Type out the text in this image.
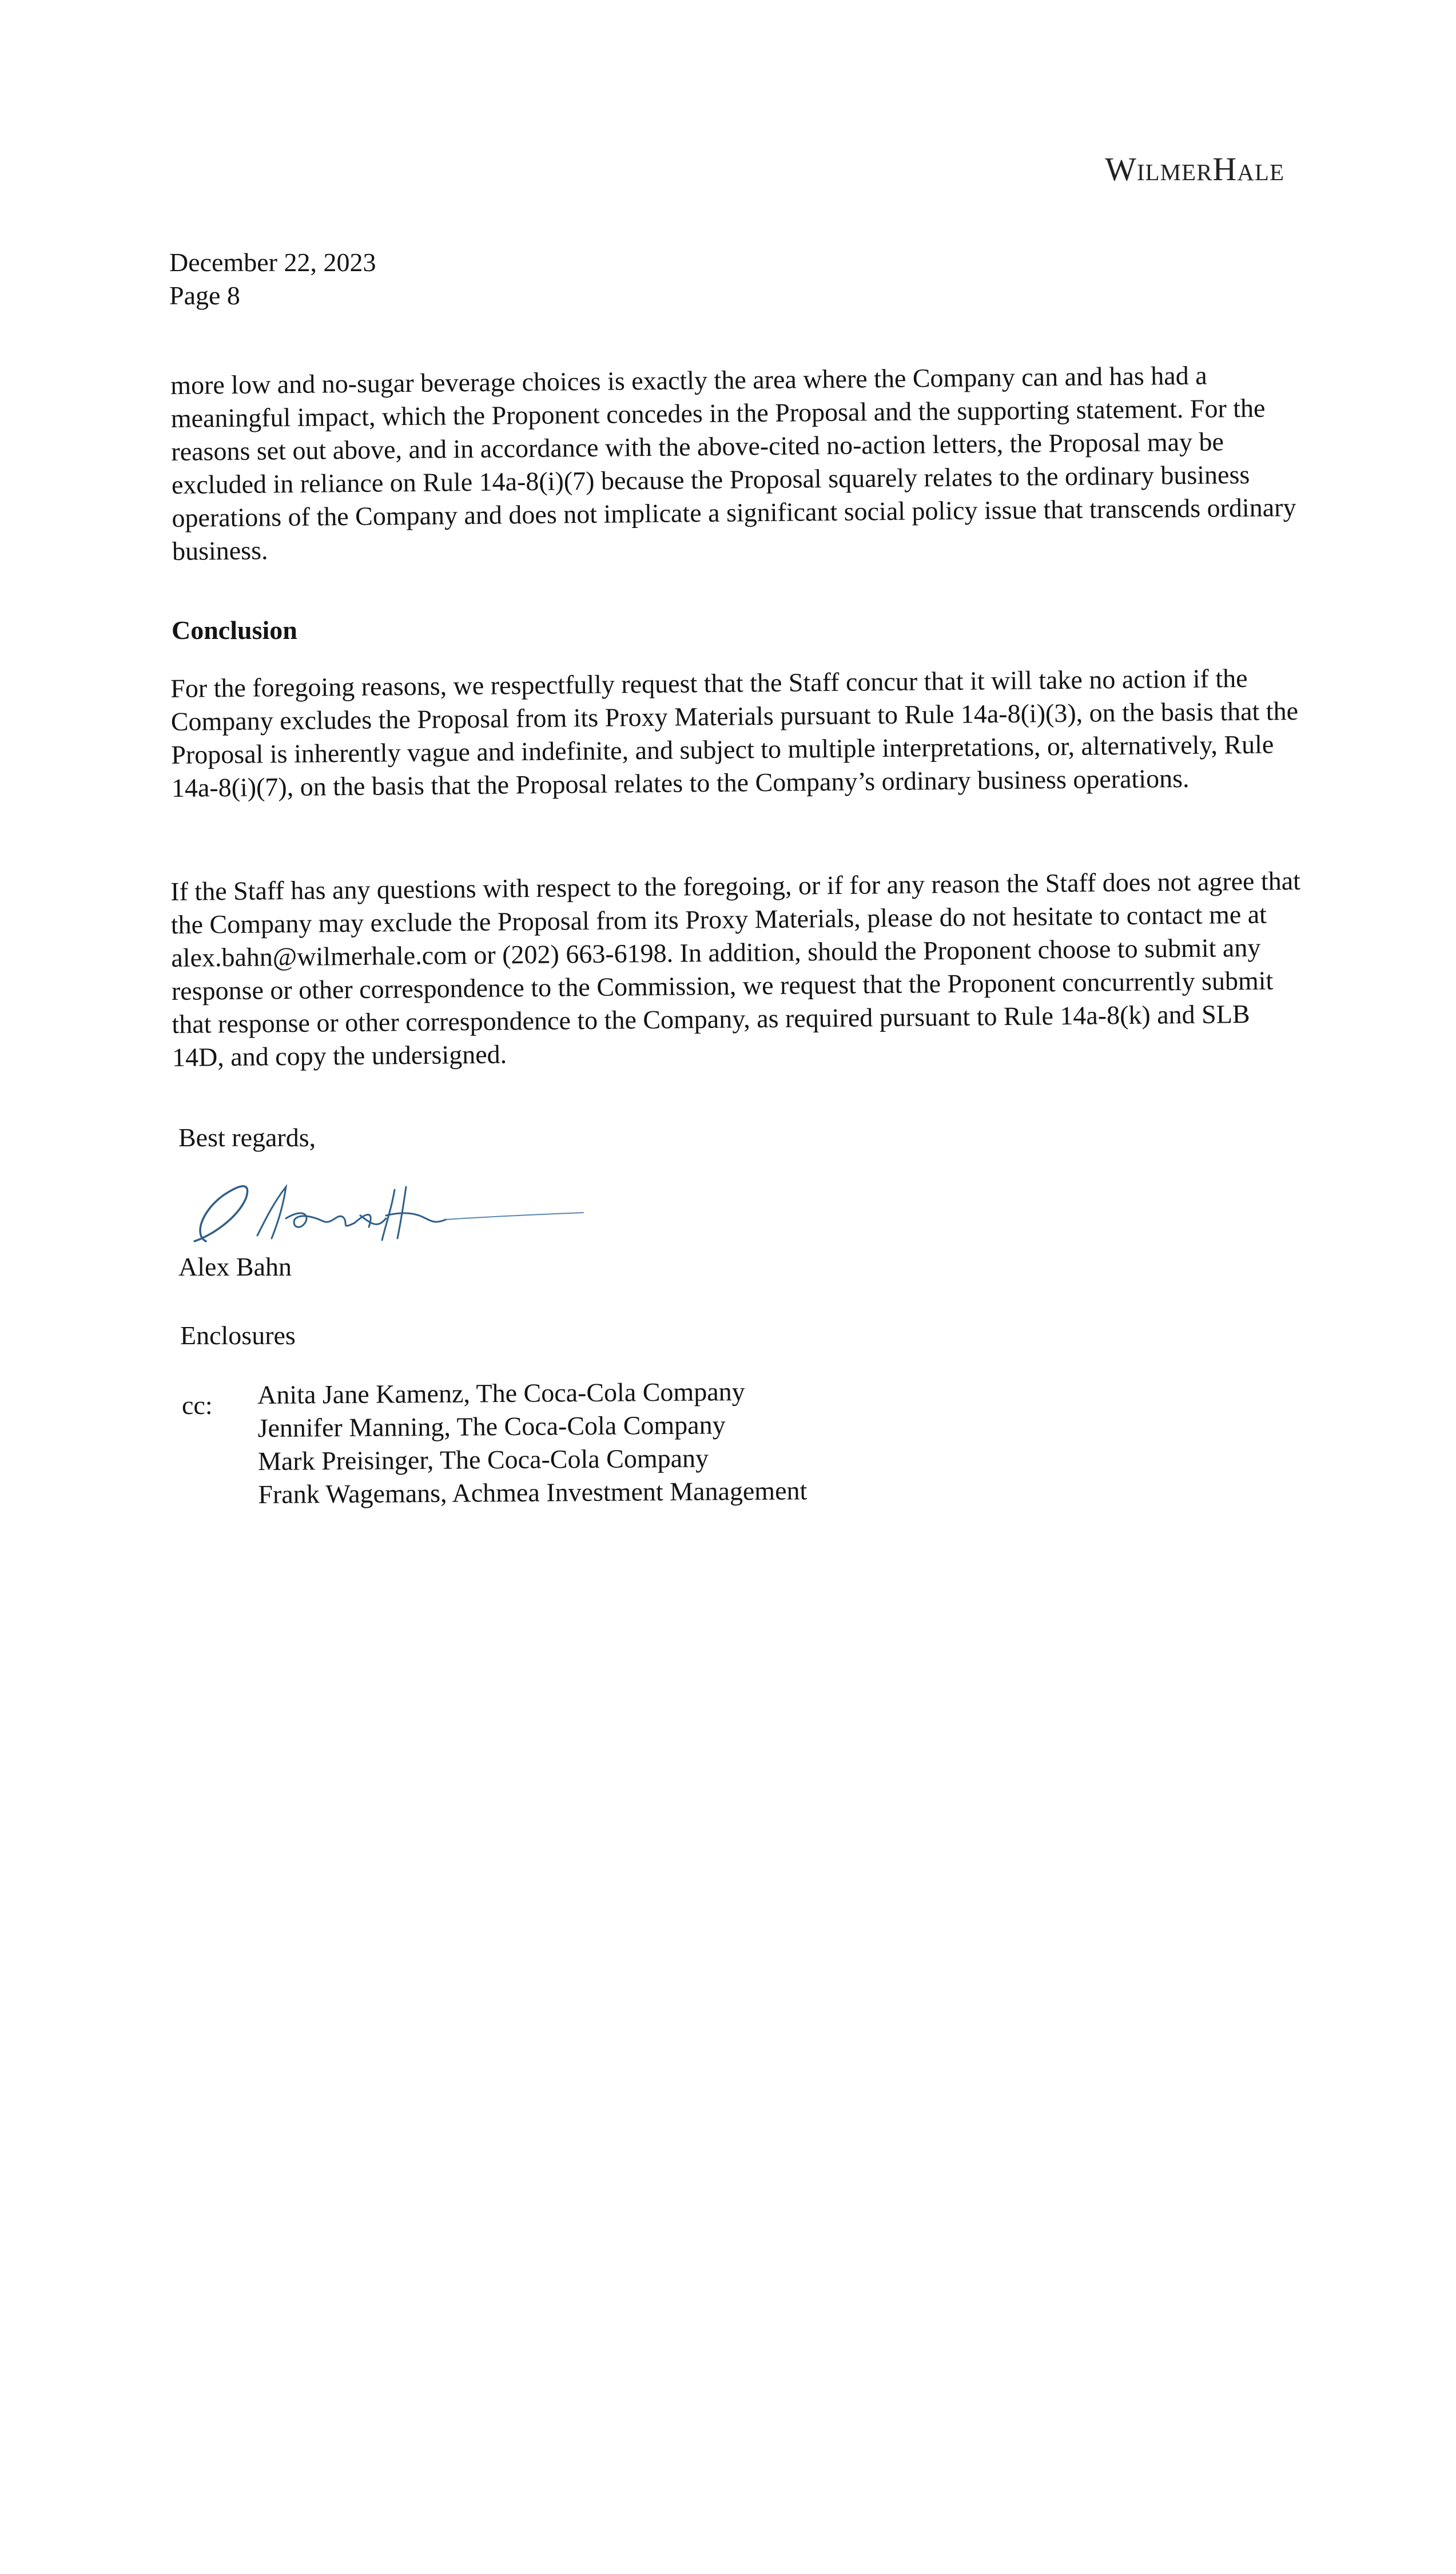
WilmerHale
December 22, 2023
Page 8
more low and no-sugar beverage choices is exactly the area where the Company can and has had a meaningful impact, which the Proponent concedes in the Proposal and the supporting statement. For the reasons set out above, and in accordance with the above-cited no-action letters, the Proposal may be excluded in reliance on Rule 14a-8(i)(7) because the Proposal squarely relates to the ordinary business operations of the Company and does not implicate a significant social policy issue that transcends ordinary business.
Conclusion
For the foregoing reasons, we respectfully request that the Staff concur that it will take no action if the Company excludes the Proposal from its Proxy Materials pursuant to Rule 14a-8(i)(3), on the basis that the Proposal is inherently vague and indefinite, and subject to multiple interpretations, or, alternatively, Rule 14a-8(i)(7), on the basis that the Proposal relates to the Company’s ordinary business operations.
If the Staff has any questions with respect to the foregoing, or if for any reason the Staff does not agree that the Company may exclude the Proposal from its Proxy Materials, please do not hesitate to contact me at alex.bahn@wilmerhale.com or (202) 663-6198. In addition, should the Proponent choose to submit any response or other correspondence to the Commission, we request that the Proponent concurrently submit that response or other correspondence to the Company, as required pursuant to Rule 14a-8(k) and SLB 14D, and copy the undersigned.
Best regards,
Alex Bahn
Enclosures
cc: Anita Jane Kamenz, The Coca-Cola Company
Jennifer Manning, The Coca-Cola Company
Mark Preisinger, The Coca-Cola Company
Frank Wagemans, Achmea Investment Management
